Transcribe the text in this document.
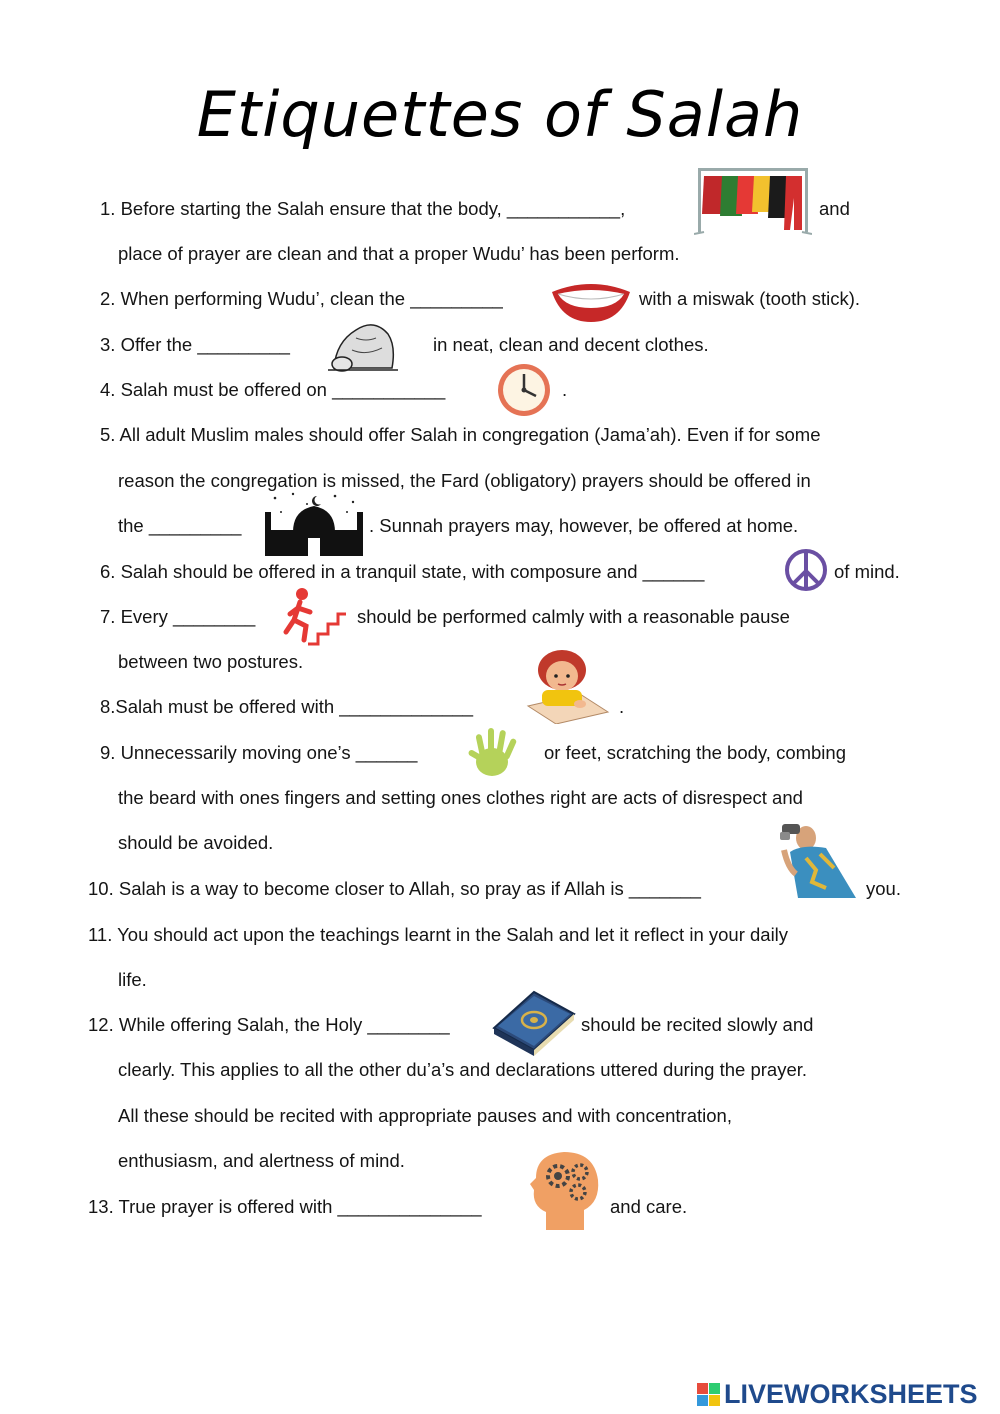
Etiquettes of Salah
1. Before starting the Salah ensure that the body, ___________,	and
place of prayer are clean and that a proper Wudu’ has been perform.
2. When performing Wudu’, clean the _________	with a miswak (tooth stick).
3. Offer the _________	in neat, clean and decent clothes.
4. Salah must be offered on ___________	.
5. All adult Muslim males should offer Salah in congregation (Jama’ah). Even if for some
reason the congregation is missed, the Fard (obligatory) prayers should be offered in
the _________	. Sunnah prayers may, however, be offered at home.
6. Salah should be offered in a tranquil state, with composure and ______	of mind.
7. Every ________	should be performed calmly with a reasonable pause
between two postures.
8.Salah must be offered with _____________	.
9. Unnecessarily moving one’s ______	or feet, scratching the body, combing
the beard with ones fingers and setting ones clothes right are acts of disrespect and
should be avoided.
10. Salah is a way to become closer to Allah, so pray as if Allah is _______	you.
11. You should act upon the teachings learnt in the Salah and let it reflect in your daily
life.
12. While offering Salah, the Holy ________	should be recited slowly and
clearly. This applies to all the other du’a’s and declarations uttered during the prayer.
All these should be recited with appropriate pauses and with concentration,
enthusiasm, and alertness of mind.
13. True prayer is offered with ______________	and care.
LIVEWORKSHEETS
